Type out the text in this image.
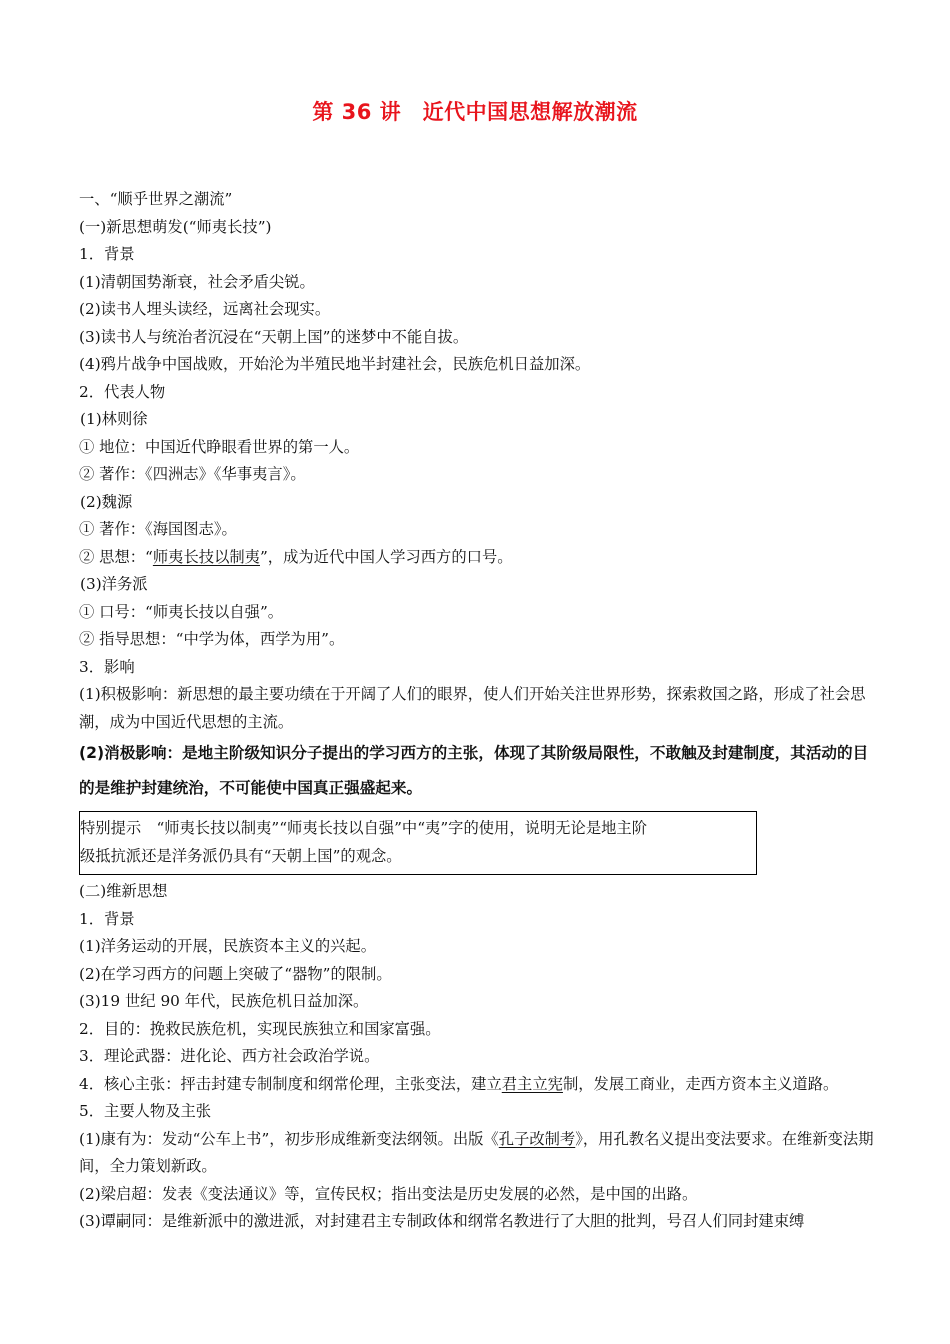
第 36 讲　近代中国思想解放潮流
一、“顺乎世界之潮流”
(一)新思想萌发(“师夷长技”)
1．背景
(1)清朝国势渐衰，社会矛盾尖锐。
(2)读书人埋头读经，远离社会现实。
(3)读书人与统治者沉浸在“天朝上国”的迷梦中不能自拔。
(4)鸦片战争中国战败，开始沦为半殖民地半封建社会，民族危机日益加深。
2．代表人物
(1)林则徐
① 地位：中国近代睁眼看世界的第一人。
② 著作：《四洲志》《华事夷言》。
(2)魏源
① 著作：《海国图志》。
② 思想：“师夷长技以制夷”，成为近代中国人学习西方的口号。
(3)洋务派
① 口号：“师夷长技以自强”。
② 指导思想：“中学为体，西学为用”。
3．影响
(1)积极影响：新思想的最主要功绩在于开阔了人们的眼界，使人们开始关注世界形势，探索救国之路，形成了社会思潮，成为中国近代思想的主流。
(2)消极影响：是地主阶级知识分子提出的学习西方的主张，体现了其阶级局限性，不敢触及封建制度，其活动的目的是维护封建统治，不可能使中国真正强盛起来。
特别提示　“师夷长技以制夷”“师夷长技以自强”中“夷”字的使用，说明无论是地主阶
级抵抗派还是洋务派仍具有“天朝上国”的观念。
(二)维新思想
1．背景
(1)洋务运动的开展，民族资本主义的兴起。
(2)在学习西方的问题上突破了“器物”的限制。
(3)19 世纪 90 年代，民族危机日益加深。
2．目的：挽救民族危机，实现民族独立和国家富强。
3．理论武器：进化论、西方社会政治学说。
4．核心主张：抨击封建专制制度和纲常伦理，主张变法，建立君主立宪制，发展工商业，走西方资本主义道路。
5．主要人物及主张
(1)康有为：发动“公车上书”，初步形成维新变法纲领。出版《孔子改制考》，用孔教名义提出变法要求。在维新变法期间，全力策划新政。
(2)梁启超：发表《变法通议》等，宣传民权；指出变法是历史发展的必然，是中国的出路。
(3)谭嗣同：是维新派中的激进派，对封建君主专制政体和纲常名教进行了大胆的批判，号召人们同封建束缚
